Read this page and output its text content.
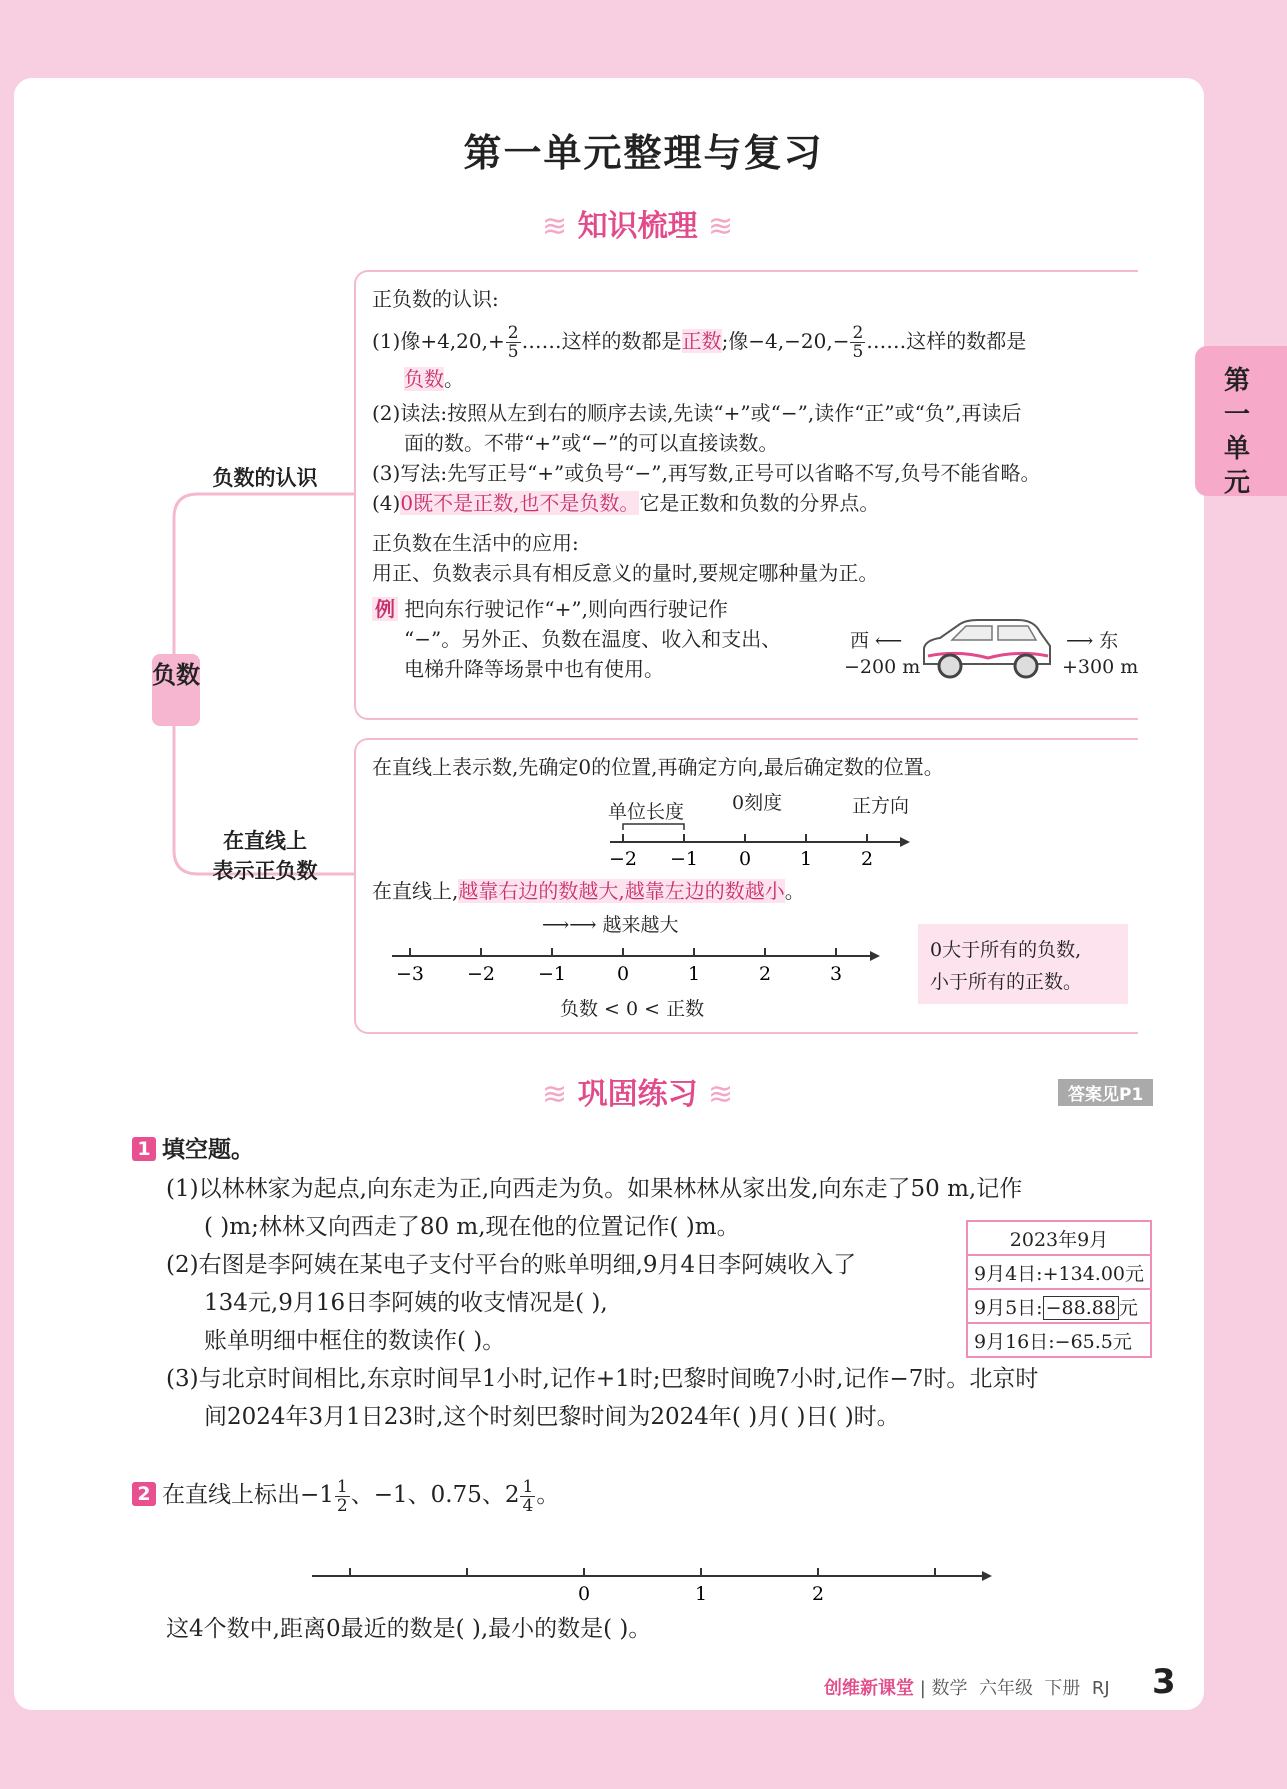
第一单元整理与复习
第一单元
≋ 知识梳理 ≋
负数
负数的认识
在直线上
表示正负数
正负数的认识:
(1)像$+4,20,+ \frac{2}{5}$ ……这样的数都是正数;像$-4,-20,- \frac{2}{5}$ ……这样的数都是
负数。
(2)读法:按照从左到右的顺序去读,先读“+”或“−”,读作“正”或“负”,再读后
面的数。不带“+”或“−”的可以直接读数。
(3)写法:先写正号“+”或负号“−”,再写数,正号可以省略不写,负号不能省略。
(4)0既不是正数,也不是负数。它是正数和负数的分界点。
正负数在生活中的应用:
用正、负数表示具有相反意义的量时,要规定哪种量为正。
例 把向东行驶记作“+”,则向西行驶记作
“−”。另外正、负数在温度、收入和支出、
电梯升降等场景中也有使用。
西 ⟵	⟶ 东
−200 m	+300 m
在直线上表示数,先确定0的位置,再确定方向,最后确定数的位置。
单位长度	0刻度	正方向
−2 −1 0	1	2
在直线上,越靠右边的数越大,越靠左边的数越小。
⟶⟶ 越来越大
−3 −2 −1	0	1	2	3
负数 < 0 < 正数
0大于所有的负数,
小于所有的正数。
≋ 巩固练习 ≋	答案见P1
1 填空题。
(1)以林林家为起点,向东走为正,向西走为负。如果林林从家出发,向东走了50 m,记作
( )m;林林又向西走了80 m,现在他的位置记作( )m。
(2)右图是李阿姨在某电子支付平台的账单明细,9月4日李阿姨收入了
134元,9月16日李阿姨的收支情况是( ),
账单明细中框住的数读作( )。
(3)与北京时间相比,东京时间早1小时,记作+1时;巴黎时间晚7小时,记作−7时。北京时
间2024年3月1日23时,这个时刻巴黎时间为2024年( )月( )日( )时。
2023年9月
9月4日:+134.00元
9月5日: −88.88 元
9月16日:−65.5元
2 在直线上标出$-1 \frac{1}{2}$ 、−1、0.75、$2 \frac{1}{4}$ 。
0	1	2
这4个数中,距离0最近的数是( ),最小的数是( )。
创维新课堂 | 数学 六年级 下册 RJ 3
